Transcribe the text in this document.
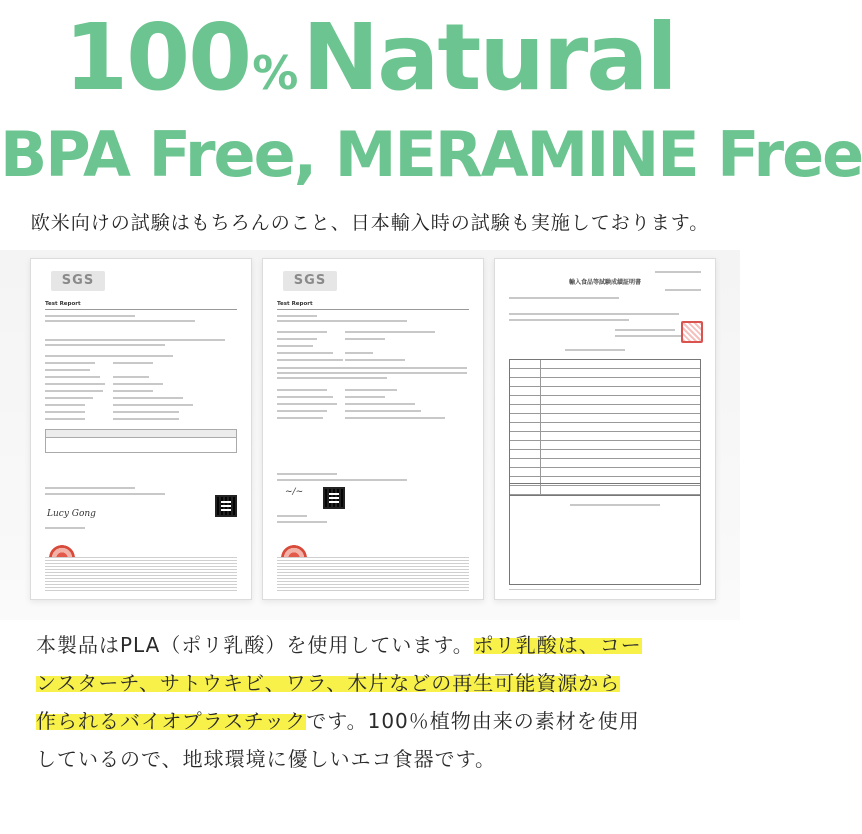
100%Natural
BPA Free, MERAMINE Free
欧米向けの試験はもちろんのこと、日本輸入時の試験も実施しております。
SGS
Test Report
Lucy Gong
SGS
Test Report
~∕~
輸入食品等試験成績証明書
本製品はPLA（ポリ乳酸）を使用しています。ポリ乳酸は、コー
ンスターチ、サトウキビ、ワラ、木片などの再生可能資源から
作られるバイオプラスチックです。100％植物由来の素材を使用
しているので、地球環境に優しいエコ食器です。
